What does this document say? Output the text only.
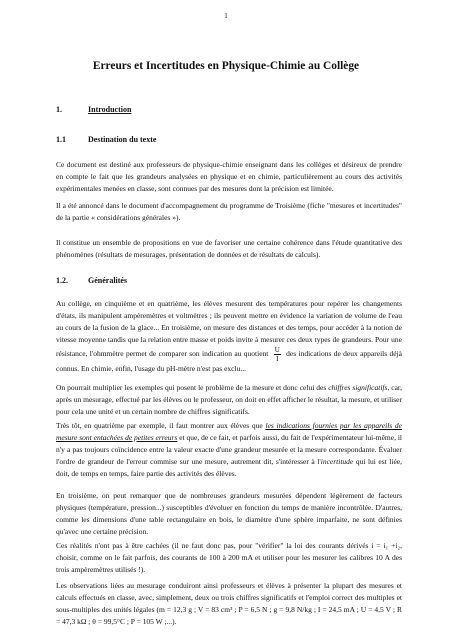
1
Erreurs et Incertitudes en Physique-Chimie au Collège
1.	Introduction
1.1	Destination du texte

Ce document est destiné aux professeurs de physique-chimie enseignant dans les collèges et désireux de prendre en compte le fait que les grandeurs analysées en physique et en chimie, particulièrement au cours des activités expérimentales menées en classe, sont connues par des mesures dont la précision est limitée.

Il a été annoncé dans le document d'accompagnement du programme de Troisième (fiche "mesures et incertitudes" de la partie « considérations générales »).

Il constitue un ensemble de propositions en vue de favoriser une certaine cohérence dans l'étude quantitative des phénomènes (résultats de mesurages, présentation de données et de résultats de calculs).

1.2.	Généralités

Au collège, en cinquième et en quatrième, les élèves mesurent des températures pour repérer les changements d'états, ils manipulent ampèremètres et voltmètres ; ils peuvent mettre en évidence la variation de volume de l'eau au cours de la fusion de la glace... En troisième, on mesure des distances et des temps, pour accéder à la notion de vitesse moyenne tandis que la relation entre masse et poids invite à mesurer ces deux types de grandeurs. Pour une résistance, l'ohmmètre permet de comparer son indication au quotient $\frac{U}{I}$ des indications de deux appareils déjà connus. En chimie, enfin, l'usage du pH-mètre n'est pas exclu...

On pourrait multiplier les exemples qui posent le problème de la mesure et donc celui des chiffres significatifs, car, après un mesurage, effectué par les élèves ou le professeur, on doit en effet afficher le résultat, la mesure, et utiliser pour cela une unité et un certain nombre de chiffres significatifs.

Très tôt, en quatrième par exemple, il faut montrer aux élèves que les indications fournies par les appareils de mesure sont entachées de petites erreurs et que, de ce fait, et parfois aussi, du fait de l'expérimentateur lui-même, il n'y a pas toujours coïncidence entre la valeur exacte d'une grandeur mesurée et la mesure correspondante. Évaluer l'ordre de grandeur de l'erreur commise sur une mesure, autrement dit, s'intéresser à l'incertitude qui lui est liée, doit, de temps en temps, faire partie des activités des élèves.

En troisième, on peut remarquer que de nombreuses grandeurs mesurées dépendent légèrement de facteurs physiques (température, pression...) susceptibles d'évoluer en fonction du temps de manière incontrôlée. D'autres, comme les dimensions d'une table rectangulaire en bois, le diamètre d'une sphère imparfaite, ne sont définies qu'avec une certaine précision.

Ces réalités n'ont pas à être cachées (il ne faut donc pas, pour "vérifier" la loi des courants dérivés i = i₁ +i₂, choisir, comme on le fait parfois, des courants de 100 à 200 mA et utiliser pour les mesurer les calibres 10 A des trois ampèremètres utilisés !).

Les observations liées au mesurage conduiront ainsi professeurs et élèves à présenter la plupart des mesures et calculs effectués en classe, avec, simplement, deux ou trois chiffres significatifs et l'emploi correct des multiples et sous-multiples des unités légales (m = 12,3 g ; V = 83 cm³ ; P = 6,5 N ; g = 9,8 N/kg ; I = 24,5 mA ; U = 4,5 V ; R = 47,3 kΩ ; θ = 99,5°C ; P = 105 W ;...).
